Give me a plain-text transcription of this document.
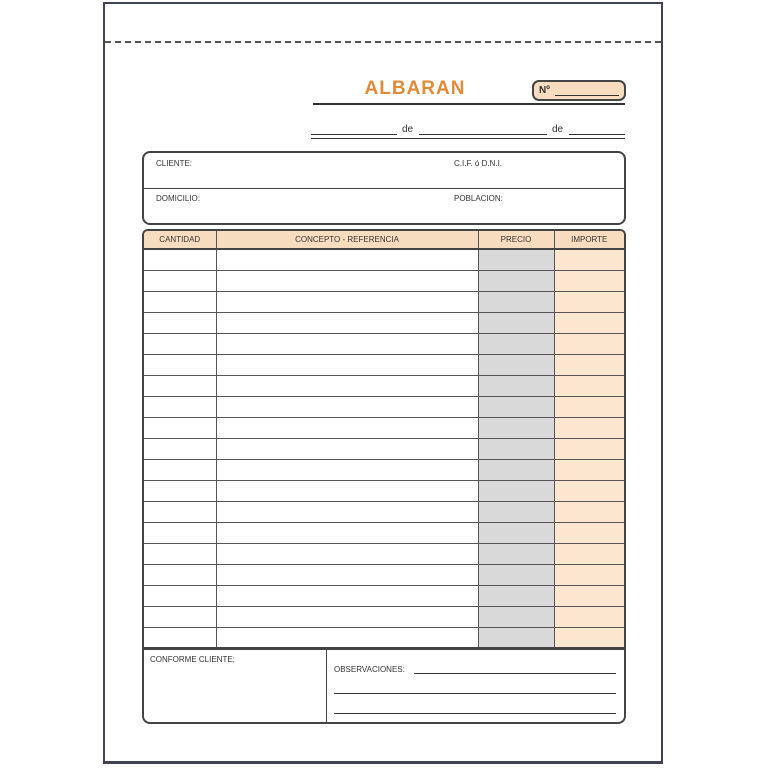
ALBARAN	Nº
de	de
CLIENTE:	C.I.F. ó D.N.I.
DOMICILIO:	POBLACION:
CANTIDAD	CONCEPTO - REFERENCIA	PRECIO	IMPORTE

CONFORME CLIENTE:
OBSERVACIONES:
